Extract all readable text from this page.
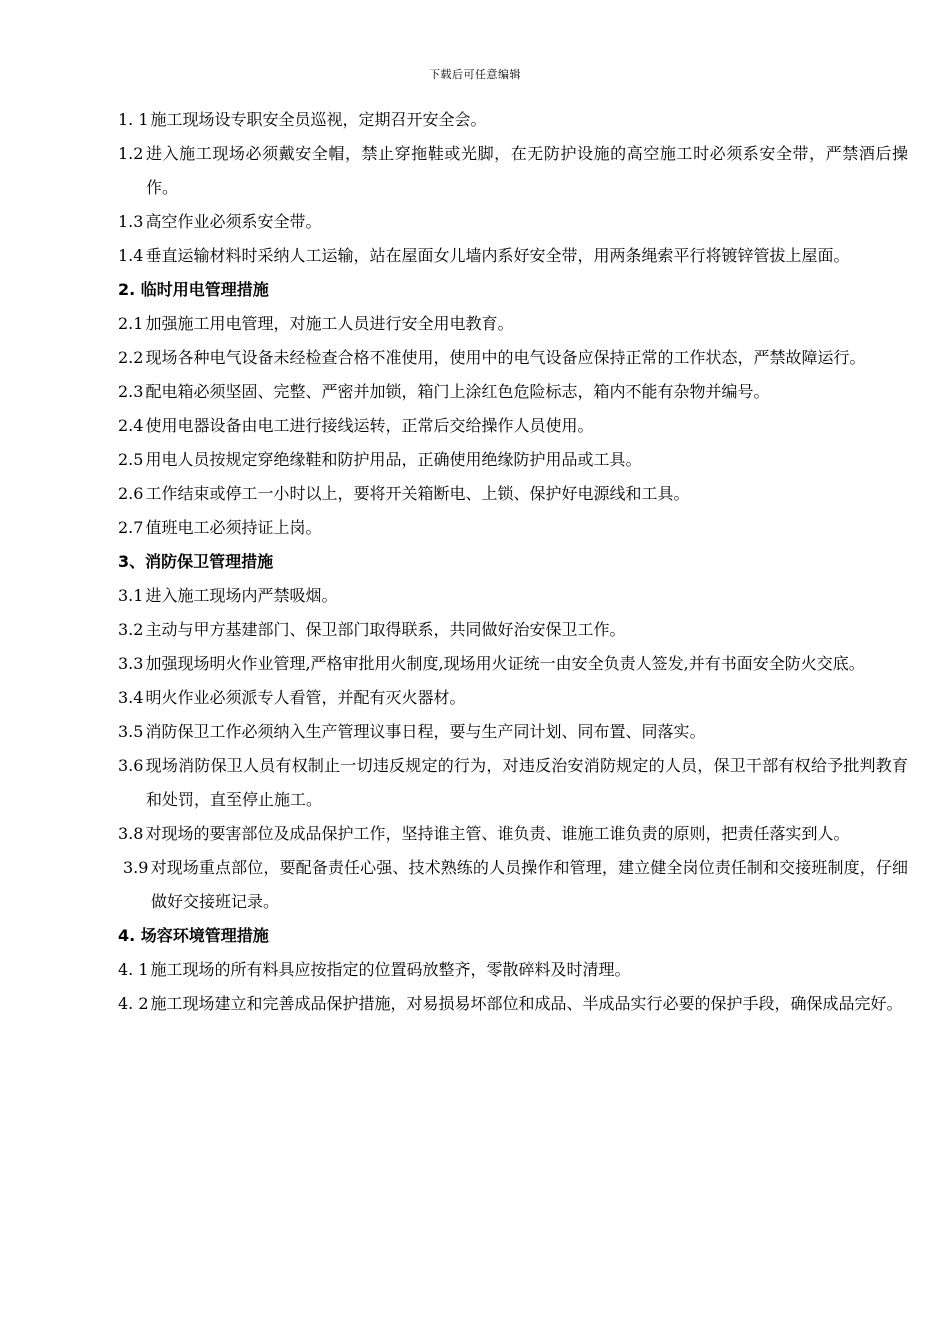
下载后可任意编辑

1. 1 施工现场设专职安全员巡视，定期召开安全会。

1.2 进入施工现场必须戴安全帽，禁止穿拖鞋或光脚，在无防护设施的高空施工时必须系安全带，严禁酒后操作。

1.3 高空作业必须系安全带。

1.4 垂直运输材料时采纳人工运输，站在屋面女儿墙内系好安全带，用两条绳索平行将镀锌管拔上屋面。

2. 临时用电管理措施

2.1 加强施工用电管理，对施工人员进行安全用电教育。

2.2 现场各种电气设备未经检查合格不准使用，使用中的电气设备应保持正常的工作状态，严禁故障运行。

2.3 配电箱必须坚固、完整、严密并加锁，箱门上涂红色危险标志，箱内不能有杂物并编号。

2.4 使用电器设备由电工进行接线运转，正常后交给操作人员使用。

2.5 用电人员按规定穿绝缘鞋和防护用品，正确使用绝缘防护用品或工具。

2.6 工作结束或停工一小时以上，要将开关箱断电、上锁、保护好电源线和工具。

2.7 值班电工必须持证上岗。

3、消防保卫管理措施

3.1 进入施工现场内严禁吸烟。

3.2 主动与甲方基建部门、保卫部门取得联系，共同做好治安保卫工作。

3.3 加强现场明火作业管理,严格审批用火制度,现场用火证统一由安全负责人签发,并有书面安全防火交底。

3.4 明火作业必须派专人看管，并配有灭火器材。

3.5 消防保卫工作必须纳入生产管理议事日程，要与生产同计划、同布置、同落实。

3.6 现场消防保卫人员有权制止一切违反规定的行为，对违反治安消防规定的人员，保卫干部有权给予批判教育和处罚，直至停止施工。

3.8 对现场的要害部位及成品保护工作，坚持谁主管、谁负责、谁施工谁负责的原则，把责任落实到人。

3.9 对现场重点部位，要配备责任心强、技术熟练的人员操作和管理，建立健全岗位责任制和交接班制度，仔细做好交接班记录。

4. 场容环境管理措施

4. 1 施工现场的所有料具应按指定的位置码放整齐，零散碎料及时清理。

4. 2 施工现场建立和完善成品保护措施，对易损易坏部位和成品、半成品实行必要的保护手段，确保成品完好。
